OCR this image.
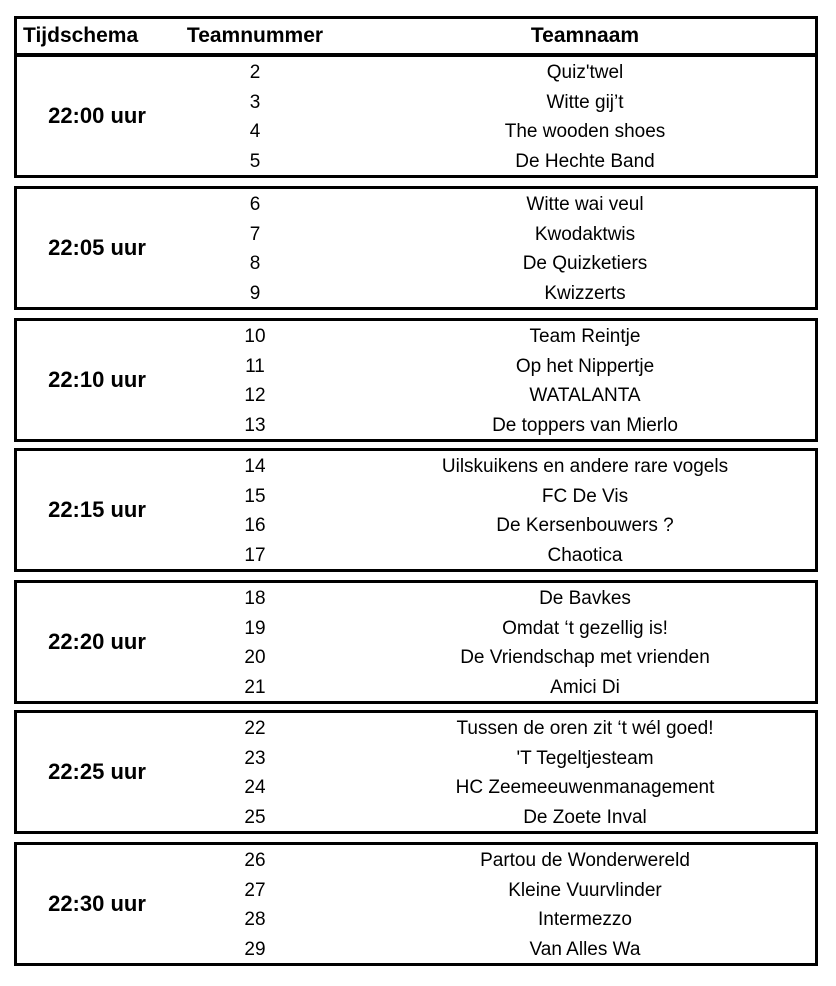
Tijdschema	Teamnummer	Teamnaam
22:00 uur
2	Quiz'twel
3	Witte gij’t
4	The wooden shoes
5	De Hechte Band
22:05 uur
6	Witte wai veul
7	Kwodaktwis
8	De Quizketiers
9	Kwizzerts
22:10 uur
10	Team Reintje
11	Op het Nippertje
12	WATALANTA
13	De toppers van Mierlo
22:15 uur
14	Uilskuikens en andere rare vogels
15	FC De Vis
16	De Kersenbouwers ?
17	Chaotica
22:20 uur
18	De Bavkes
19	Omdat ‘t gezellig is!
20	De Vriendschap met vrienden
21	Amici Di
22:25 uur
22	Tussen de oren zit ‘t wél goed!
23	'T Tegeltjesteam
24	HC Zeemeeuwenmanagement
25	De Zoete Inval
22:30 uur
26	Partou de Wonderwereld
27	Kleine Vuurvlinder
28	Intermezzo
29	Van Alles Wa
